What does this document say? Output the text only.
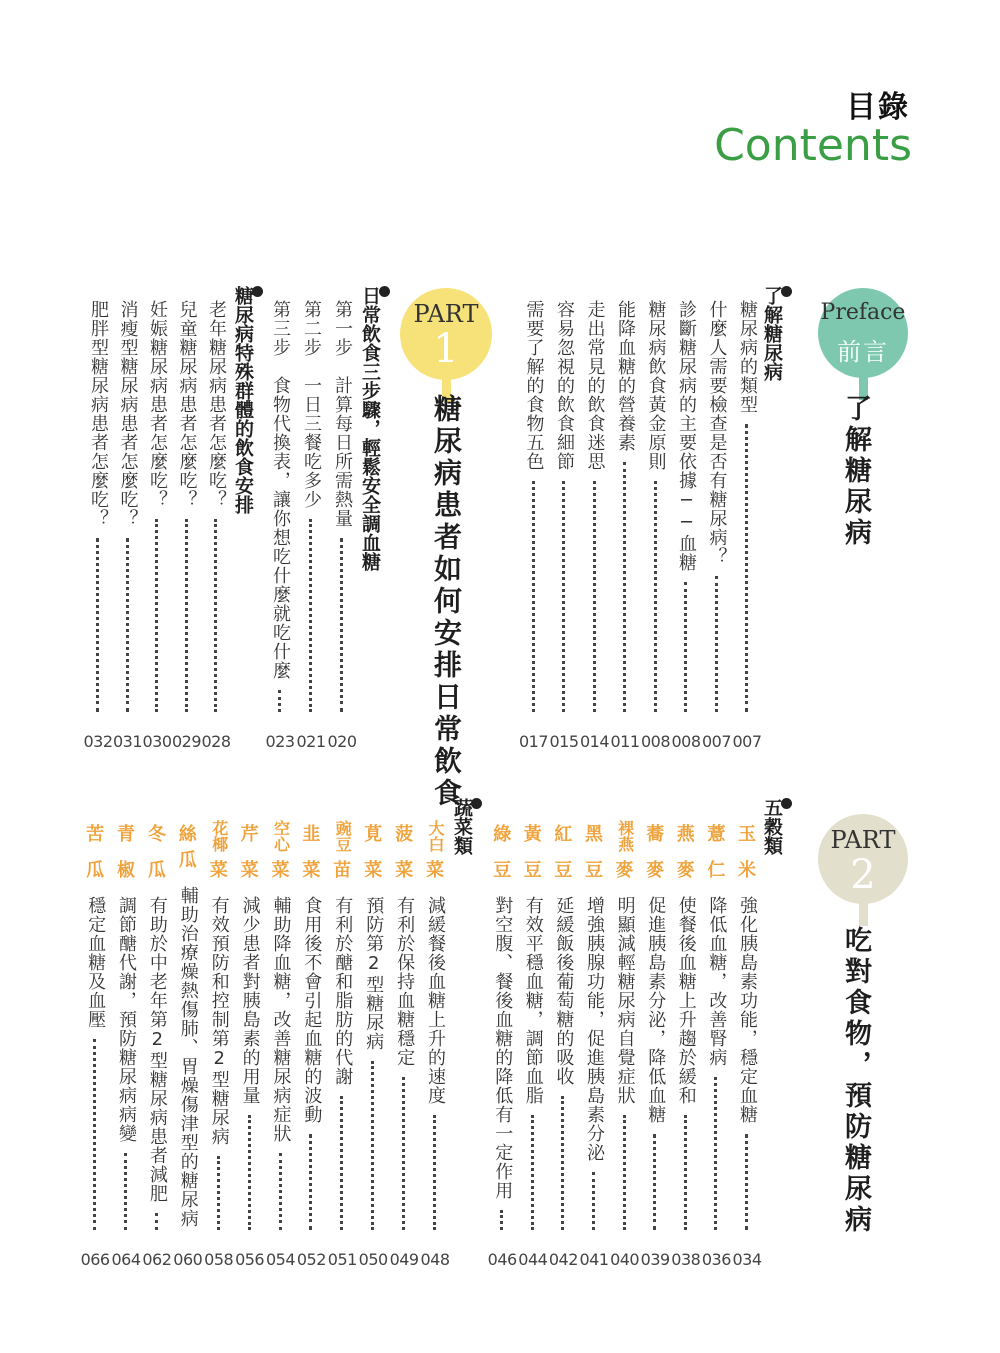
目錄
Contents
Preface
前言
了解糖尿病
PART
1
糖尿病患者如何安排日常飲食
PART
2
吃對食物，預防糖尿病
了解糖尿病
日常飲食三步驟，輕鬆安全調血糖
糖尿病特殊群體的飲食安排
五穀類
蔬菜類
糖尿病的類型
007
什麼人需要檢查是否有糖尿病？
007
診斷糖尿病的主要依據──血糖
008
糖尿病飲食黃金原則
008
能降血糖的營養素
011
走出常見的飲食迷思
014
容易忽視的飲食細節
015
需要了解的食物五色
017
第一步　計算每日所需熱量
020
第二步　一日三餐吃多少
021
第三步　食物代換表，讓你想吃什麼就吃什麼
023
老年糖尿病患者怎麼吃？
028
兒童糖尿病患者怎麼吃？
029
妊娠糖尿病患者怎麼吃？
030
消瘦型糖尿病患者怎麼吃？
031
肥胖型糖尿病患者怎麼吃？
032
玉
米
強化胰島素功能，穩定血糖
034
薏
仁
降低血糖，改善腎病
036
燕
麥
使餐後血糖上升趨於緩和
038
蕎
麥
促進胰島素分泌，降低血糖
039
裸燕
麥
明顯減輕糖尿病自覺症狀
040
黑
豆
增強胰腺功能，促進胰島素分泌
041
紅
豆
延緩飯後葡萄糖的吸收
042
黃
豆
有效平穩血糖，調節血脂
044
綠
豆
對空腹、餐後血糖的降低有一定作用
046
大白
菜
減緩餐後血糖上升的速度
048
菠
菜
有利於保持血糖穩定
049
莧
菜
預防第2型糖尿病
050
豌豆
苗
有利於醣和脂肪的代謝
051
韭
菜
食用後不會引起血糖的波動
052
空心
菜
輔助降血糖，改善糖尿病症狀
054
芹
菜
減少患者對胰島素的用量
056
花椰
菜
有效預防和控制第2型糖尿病
058
絲
瓜
輔助治療燥熱傷肺、胃燥傷津型的糖尿病
060
冬
瓜
有助於中老年第2型糖尿病患者減肥
062
青
椒
調節醣代謝，預防糖尿病病變
064
苦
瓜
穩定血糖及血壓
066
